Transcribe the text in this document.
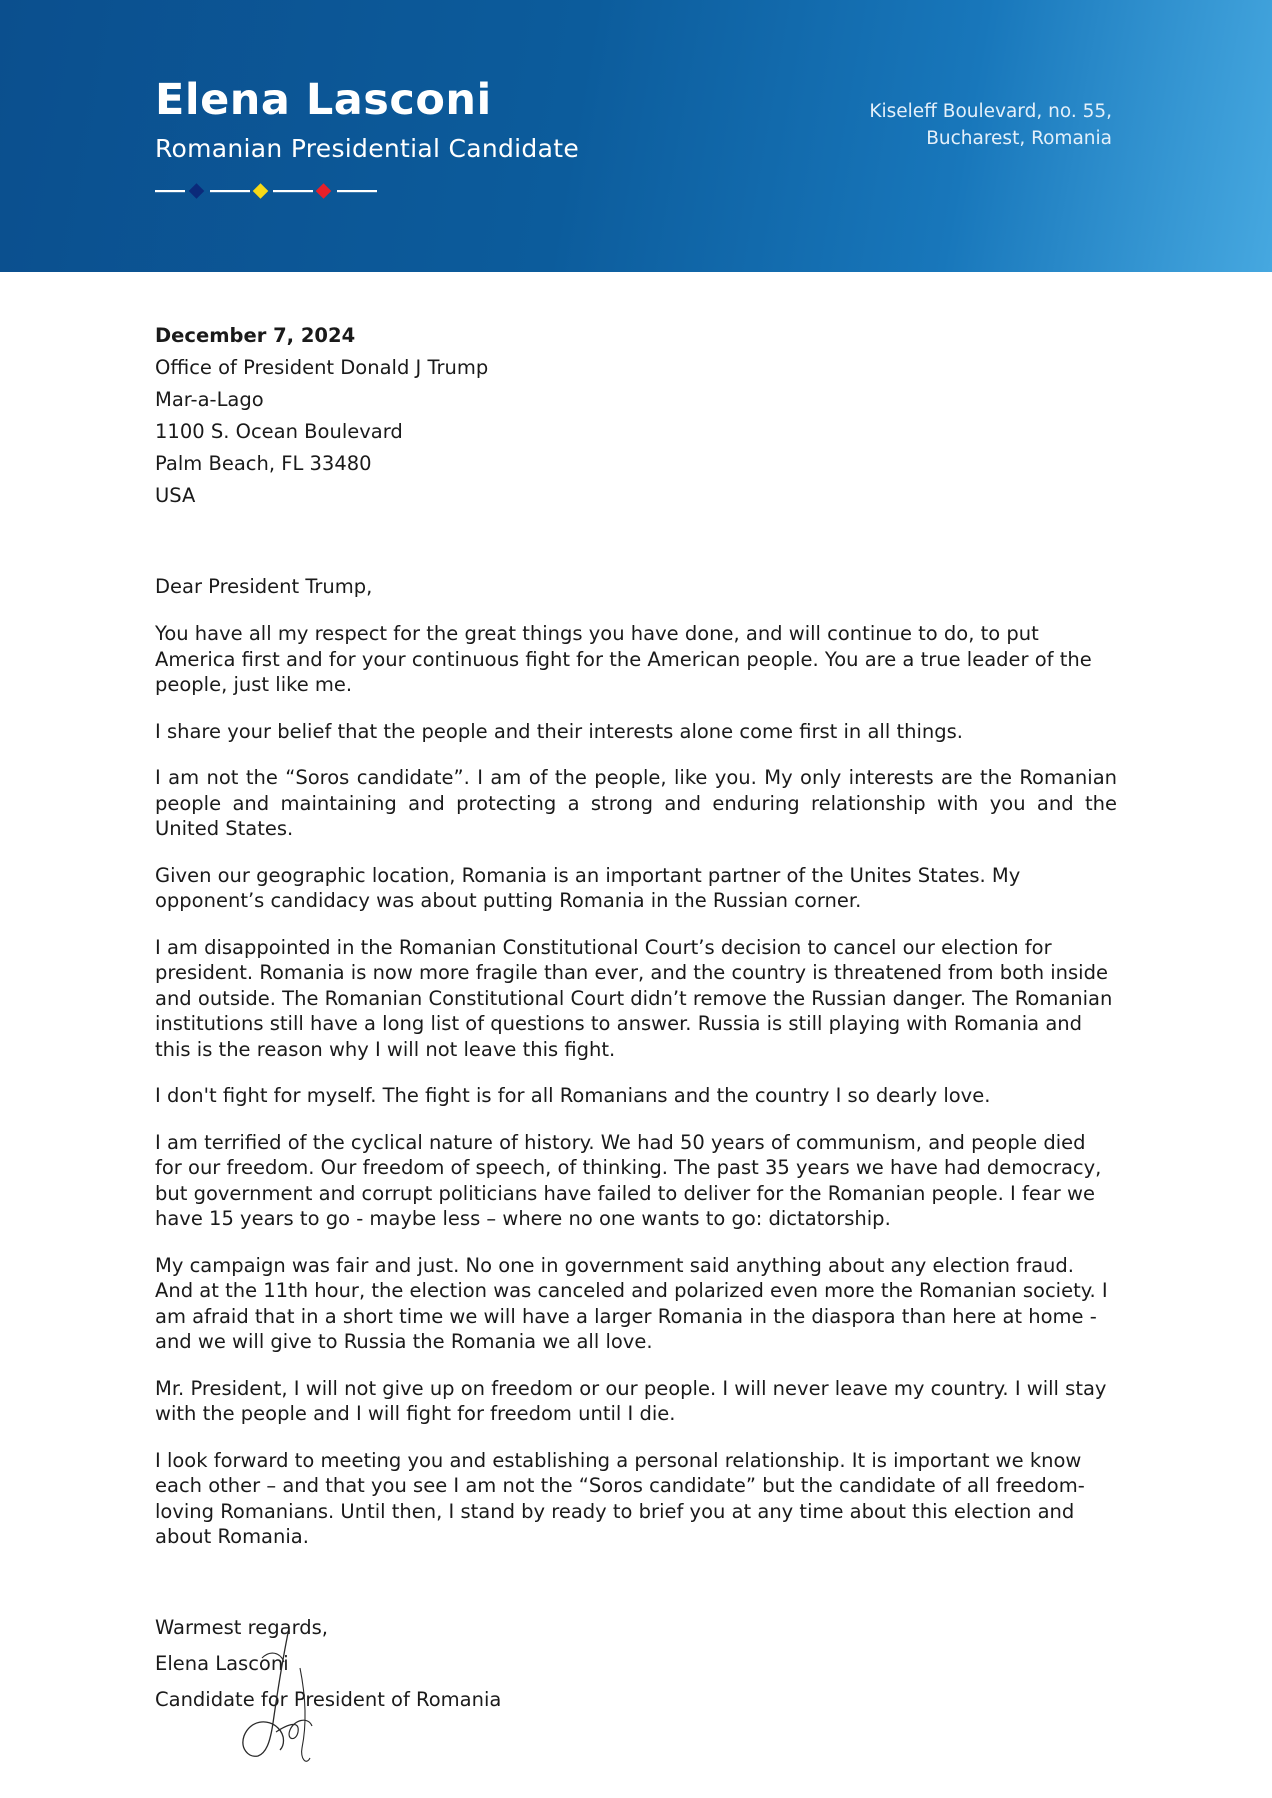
Elena Lasconi
Romanian Presidential Candidate
Kiseleff Boulevard, no. 55,
Bucharest, Romania
December 7, 2024
Office of President Donald J Trump
Mar-a-Lago
1100 S. Ocean Boulevard
Palm Beach, FL 33480
USA
Dear President Trump,

You have all my respect for the great things you have done, and will continue to do, to put America first and for your continuous fight for the American people. You are a true leader of the people, just like me.

I share your belief that the people and their interests alone come first in all things.

I am not the “Soros candidate”. I am of the people, like you. My only interests are the Romanian people and maintaining and protecting a strong and enduring relationship with you and the United States.

Given our geographic location, Romania is an important partner of the Unites States. My opponent’s candidacy was about putting Romania in the Russian corner.

I am disappointed in the Romanian Constitutional Court’s decision to cancel our election for president. Romania is now more fragile than ever, and the country is threatened from both inside and outside. The Romanian Constitutional Court didn’t remove the Russian danger. The Romanian institutions still have a long list of questions to answer. Russia is still playing with Romania and this is the reason why I will not leave this fight.

I don't fight for myself. The fight is for all Romanians and the country I so dearly love.

I am terrified of the cyclical nature of history. We had 50 years of communism, and people died for our freedom. Our freedom of speech, of thinking. The past 35 years we have had democracy, but government and corrupt politicians have failed to deliver for the Romanian people. I fear we have 15 years to go - maybe less – where no one wants to go: dictatorship.

My campaign was fair and just. No one in government said anything about any election fraud. And at the 11th hour, the election was canceled and polarized even more the Romanian society. I am afraid that in a short time we will have a larger Romania in the diaspora than here at home - and we will give to Russia the Romania we all love.

Mr. President, I will not give up on freedom or our people. I will never leave my country. I will stay with the people and I will fight for freedom until I die.

I look forward to meeting you and establishing a personal relationship. It is important we know each other – and that you see I am not the “Soros candidate” but the candidate of all freedom-loving Romanians. Until then, I stand by ready to brief you at any time about this election and about Romania.

Warmest regards,
Elena Lasconi
Candidate for President of Romania
